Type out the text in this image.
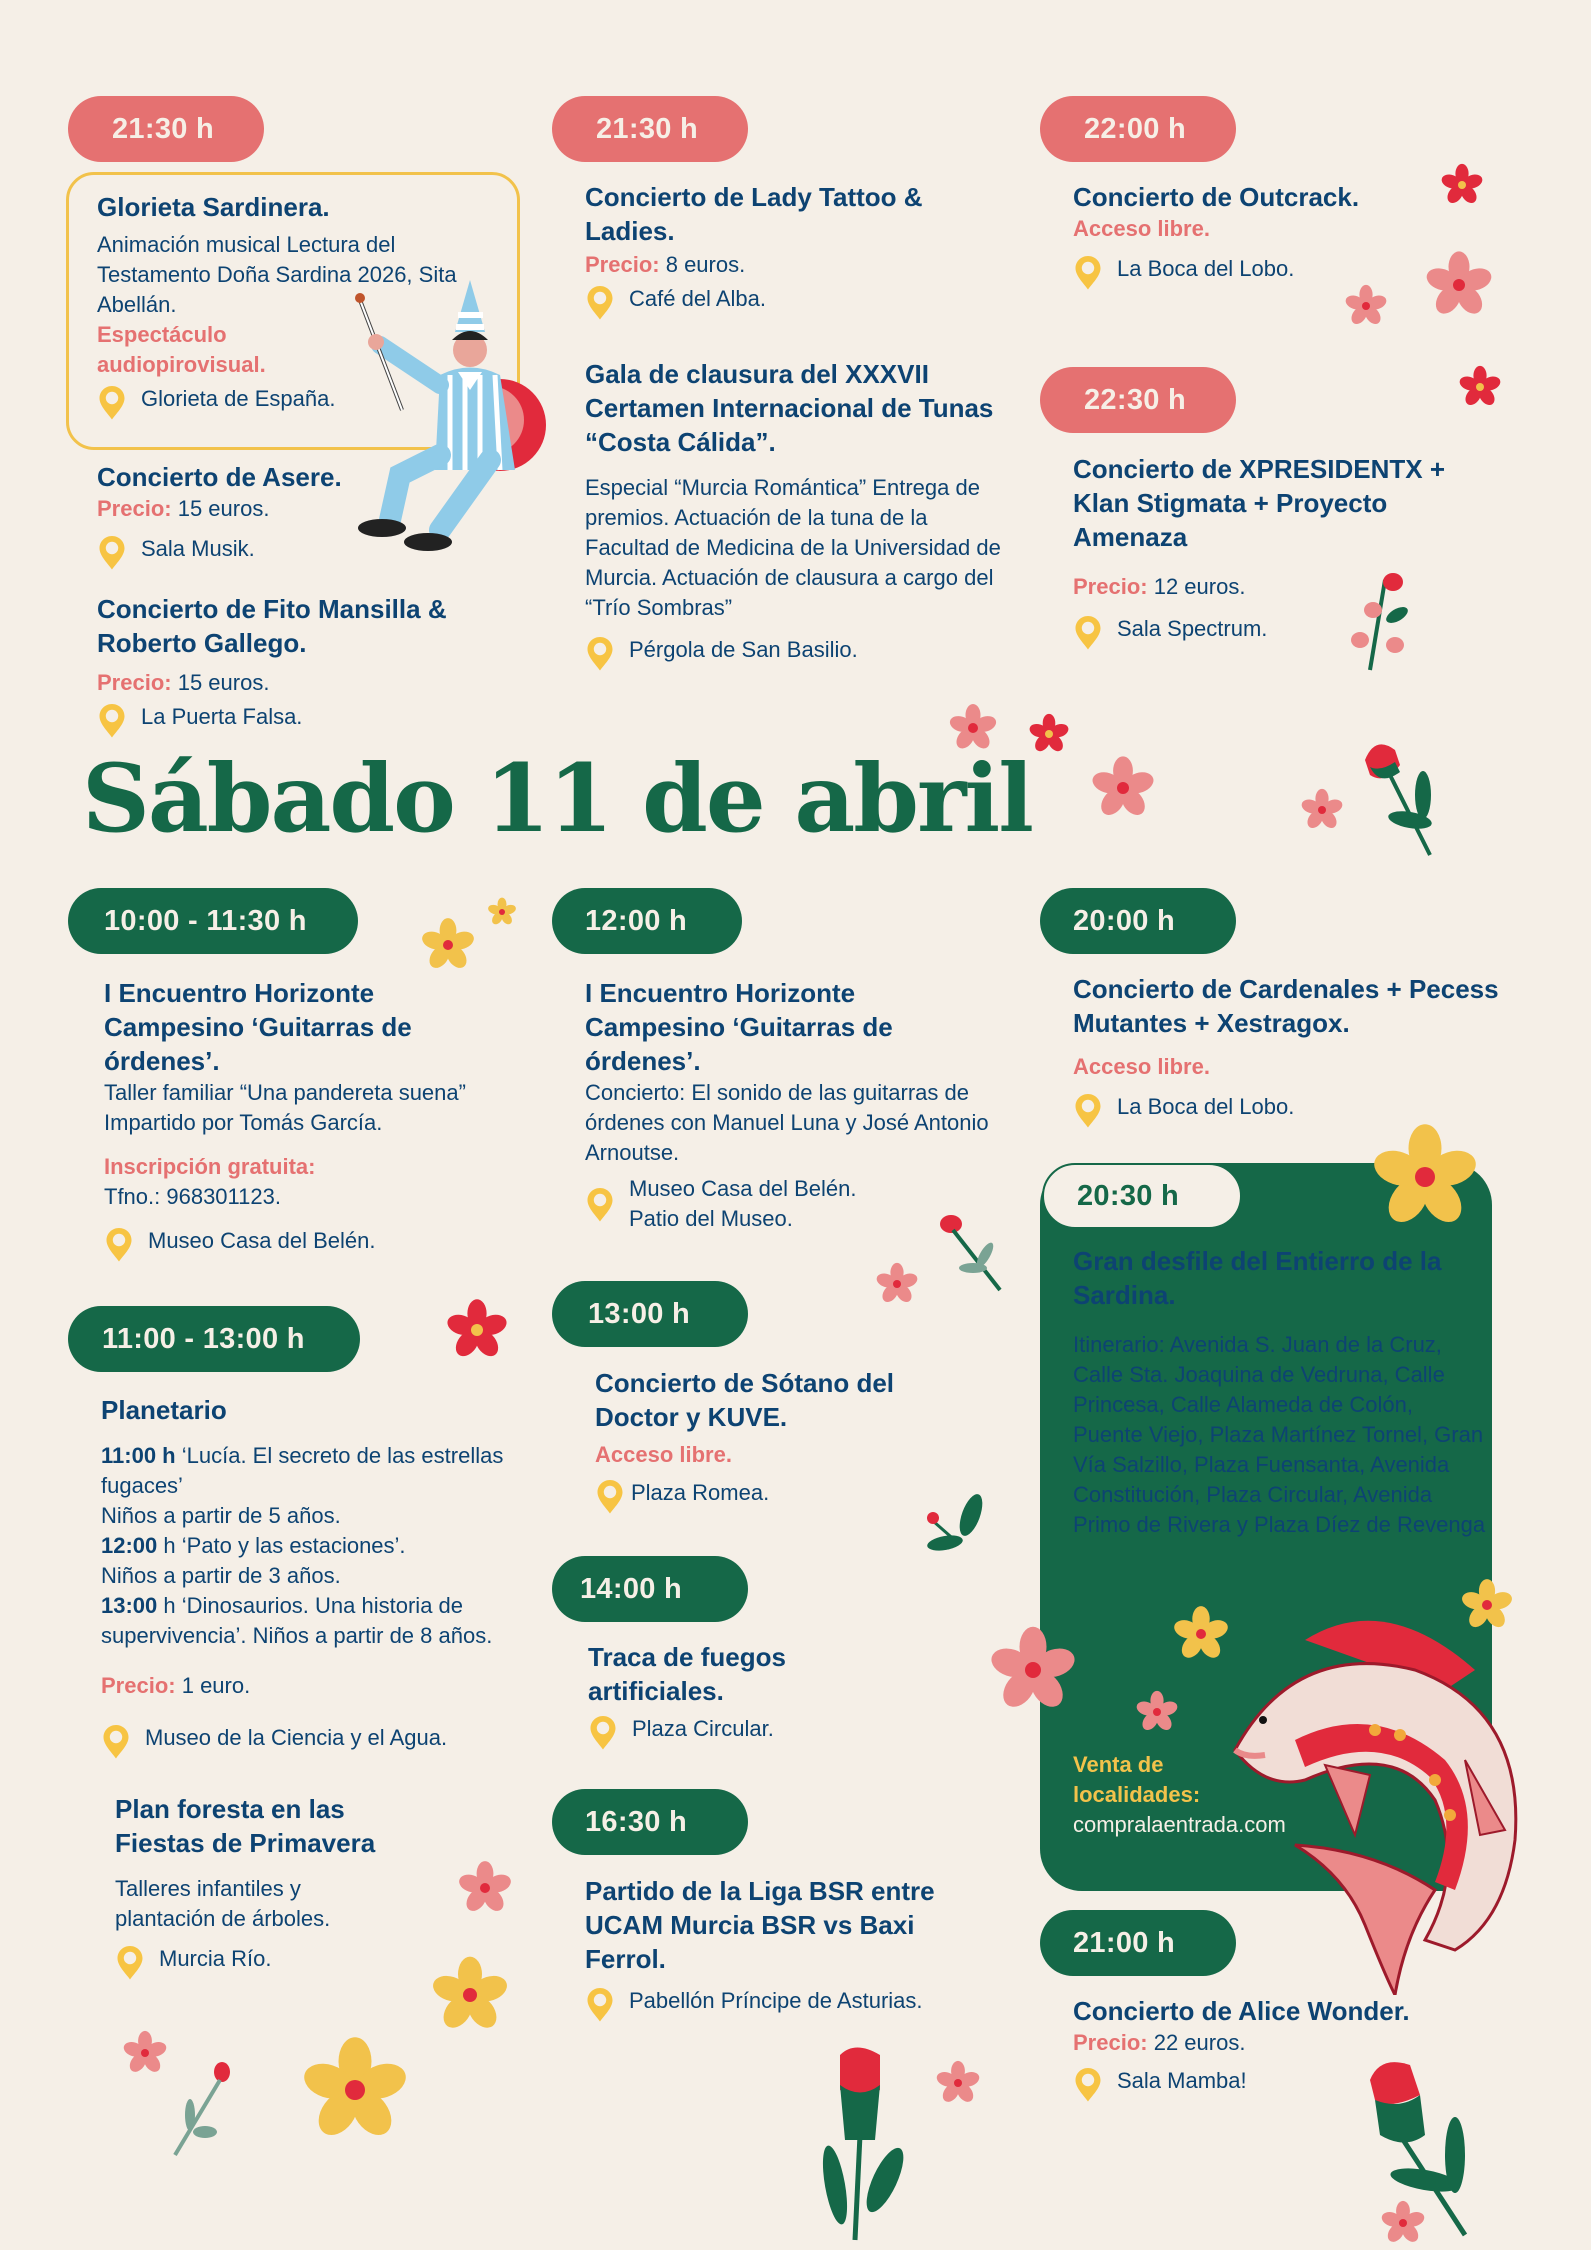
21:30 h
Glorieta Sardinera.
Animación musical Lectura del Testamento Doña Sardina 2026, Sita Abellán.
Espectáculo audiopirovisual.
Glorieta de España.
Concierto de Asere.
Precio: 15 euros.
Sala Musik.
Concierto de Fito Mansilla & Roberto Gallego.
Precio: 15 euros.
La Puerta Falsa.
21:30 h
Concierto de Lady Tattoo & Ladies.
Precio: 8 euros.
Café del Alba.
Gala de clausura del XXXVII Certamen Internacional de Tunas “Costa Cálida”.
Especial “Murcia Romántica” Entrega de premios. Actuación de la tuna de la Facultad de Medicina de la Universidad de Murcia. Actuación de clausura a cargo del “Trío Sombras”
Pérgola de San Basilio.
22:00 h
Concierto de Outcrack.
Acceso libre.
La Boca del Lobo.
22:30 h
Concierto de XPRESIDENTX + Klan Stigmata + Proyecto Amenaza
Precio: 12 euros.
Sala Spectrum.
Sábado 11 de abril
10:00 - 11:30 h
I Encuentro Horizonte Campesino ‘Guitarras de órdenes’.
Taller familiar “Una pandereta suena” Impartido por Tomás García.
Inscripción gratuita:
Tfno.: 968301123.
Museo Casa del Belén.
11:00 - 13:00 h
Planetario
11:00 h ‘Lucía. El secreto de las estrellas fugaces’
Niños a partir de 5 años.
12:00 h ‘Pato y las estaciones’.
Niños a partir de 3 años.
13:00 h ‘Dinosaurios. Una historia de supervivencia’. Niños a partir de 8 años.
Precio: 1 euro.
Museo de la Ciencia y el Agua.
Plan foresta en las Fiestas de Primavera
Talleres infantiles y plantación de árboles.
Murcia Río.
12:00 h
I Encuentro Horizonte Campesino ‘Guitarras de órdenes’.
Concierto: El sonido de las guitarras de órdenes con Manuel Luna y José Antonio Arnoutse.
Museo Casa del Belén.
Patio del Museo.
13:00 h
Concierto de Sótano del Doctor y KUVE.
Acceso libre.
Plaza Romea.
14:00 h
Traca de fuegos artificiales.
Plaza Circular.
16:30 h
Partido de la Liga BSR entre UCAM Murcia BSR vs Baxi Ferrol.
Pabellón Príncipe de Asturias.
20:00 h
Concierto de Cardenales + Pecess Mutantes + Xestragox.
Acceso libre.
La Boca del Lobo.
20:30 h
Gran desfile del Entierro de la Sardina.
Itinerario: Avenida S. Juan de la Cruz, Calle Sta. Joaquina de Vedruna, Calle Princesa, Calle Alameda de Colón, Puente Viejo, Plaza Martínez Tornel, Gran Vía Salzillo, Plaza Fuensanta, Avenida Constitución, Plaza Circular, Avenida Primo de Rivera y Plaza Díez de Revenga
Venta de localidades:
compralaentrada.com
21:00 h
Concierto de Alice Wonder.
Precio: 22 euros.
Sala Mamba!
